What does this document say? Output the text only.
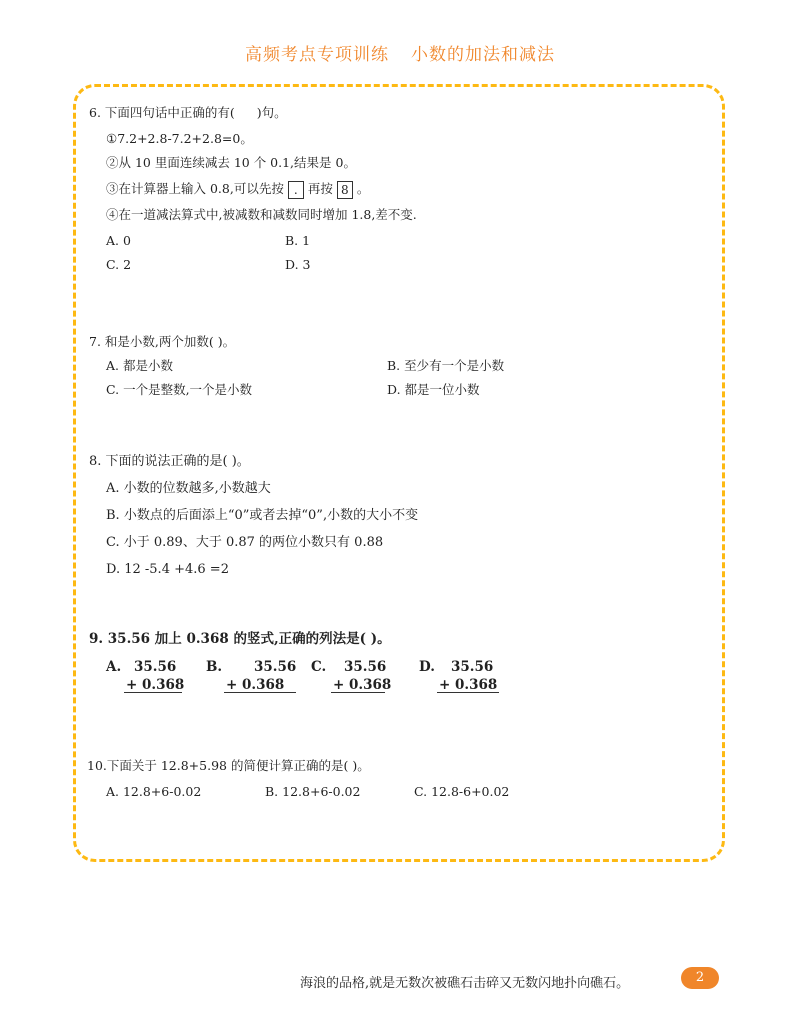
高频考点专项训练 小数的加法和减法
6. 下面四句话中正确的有( )句。
①7.2+2.8-7.2+2.8=0。
②从 10 里面连续减去 10 个 0.1,结果是 0。
③在计算器上输入 0.8,可以先按 . 再按 8 。
④在一道减法算式中,被减数和减数同时增加 1.8,差不变.
A. 0	B. 1
C. 2	D. 3
7. 和是小数,两个加数( )。
A. 都是小数	B. 至少有一个是小数
C. 一个是整数,一个是小数	D. 都是一位小数
8. 下面的说法正确的是( )。
A. 小数的位数越多,小数越大
B. 小数点的后面添上“0”或者去掉“0”,小数的大小不变
C. 小于 0.89、大于 0.87 的两位小数只有 0.88
D. 12 -5.4 +4.6 =2
9. 35.56 加上 0.368 的竖式,正确的列法是( )。
A. 35.56
+ 0.368
B. 35.56
+ 0.368
C. 35.56
+ 0.368
D. 35.56
+ 0.368
10.下面关于 12.8+5.98 的简便计算正确的是( )。
A. 12.8+6-0.02	B. 12.8+6-0.02	C. 12.8-6+0.02
海浪的品格,就是无数次被礁石击碎又无数闪地扑向礁石。	2
